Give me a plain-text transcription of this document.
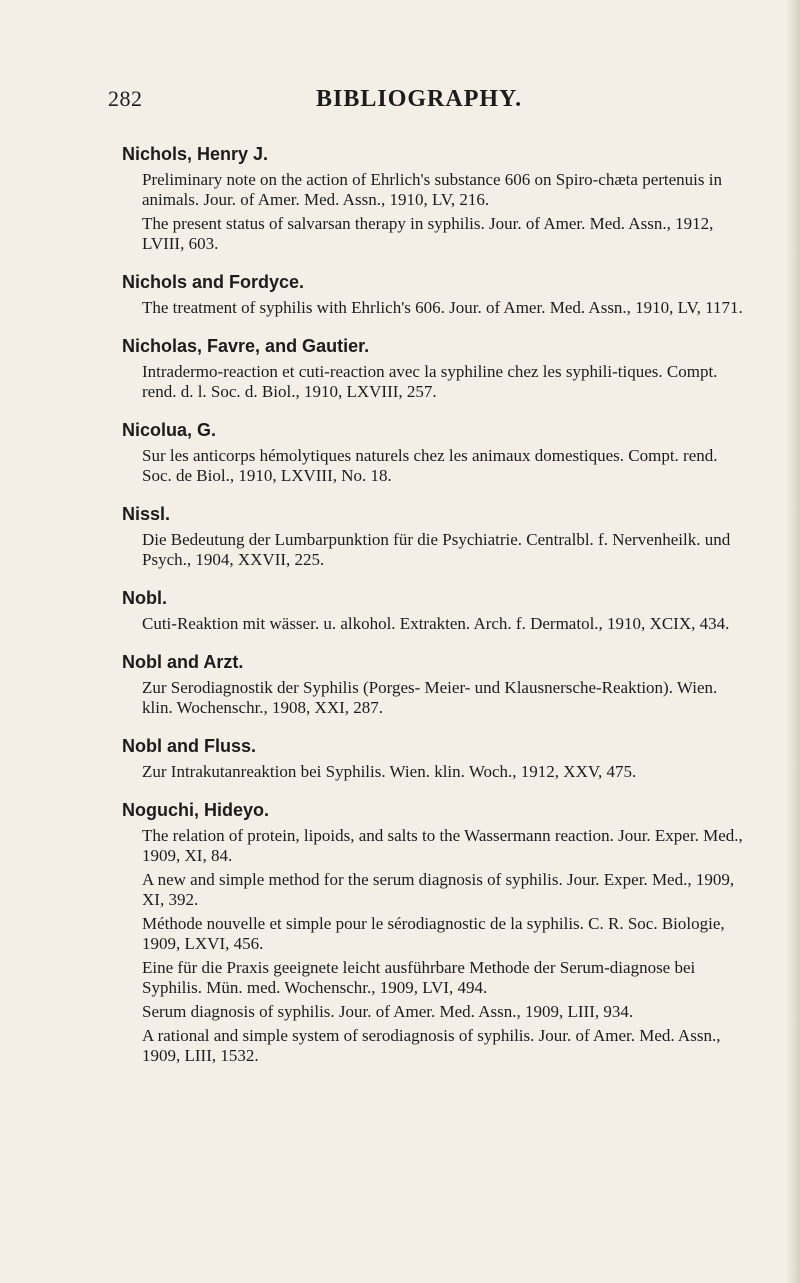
282	BIBLIOGRAPHY.
Nichols, Henry J.
Preliminary note on the action of Ehrlich's substance 606 on Spiro-chæta pertenuis in animals. Jour. of Amer. Med. Assn., 1910, LV, 216.
The present status of salvarsan therapy in syphilis. Jour. of Amer. Med. Assn., 1912, LVIII, 603.
Nichols and Fordyce.
The treatment of syphilis with Ehrlich's 606. Jour. of Amer. Med. Assn., 1910, LV, 1171.
Nicholas, Favre, and Gautier.
Intradermo-reaction et cuti-reaction avec la syphiline chez les syphili-tiques. Compt. rend. d. l. Soc. d. Biol., 1910, LXVIII, 257.
Nicolua, G.
Sur les anticorps hémolytiques naturels chez les animaux domestiques. Compt. rend. Soc. de Biol., 1910, LXVIII, No. 18.
Nissl.
Die Bedeutung der Lumbarpunktion für die Psychiatrie. Centralbl. f. Nervenheilk. und Psych., 1904, XXVII, 225.
Nobl.
Cuti-Reaktion mit wässer. u. alkohol. Extrakten. Arch. f. Dermatol., 1910, XCIX, 434.
Nobl and Arzt.
Zur Serodiagnostik der Syphilis (Porges- Meier- und Klausnersche-Reaktion). Wien. klin. Wochenschr., 1908, XXI, 287.
Nobl and Fluss.
Zur Intrakutanreaktion bei Syphilis. Wien. klin. Woch., 1912, XXV, 475.
Noguchi, Hideyo.
The relation of protein, lipoids, and salts to the Wassermann reaction. Jour. Exper. Med., 1909, XI, 84.
A new and simple method for the serum diagnosis of syphilis. Jour. Exper. Med., 1909, XI, 392.
Méthode nouvelle et simple pour le sérodiagnostic de la syphilis. C. R. Soc. Biologie, 1909, LXVI, 456.
Eine für die Praxis geeignete leicht ausführbare Methode der Serum-diagnose bei Syphilis. Mün. med. Wochenschr., 1909, LVI, 494.
Serum diagnosis of syphilis. Jour. of Amer. Med. Assn., 1909, LIII, 934.
A rational and simple system of serodiagnosis of syphilis. Jour. of Amer. Med. Assn., 1909, LIII, 1532.
